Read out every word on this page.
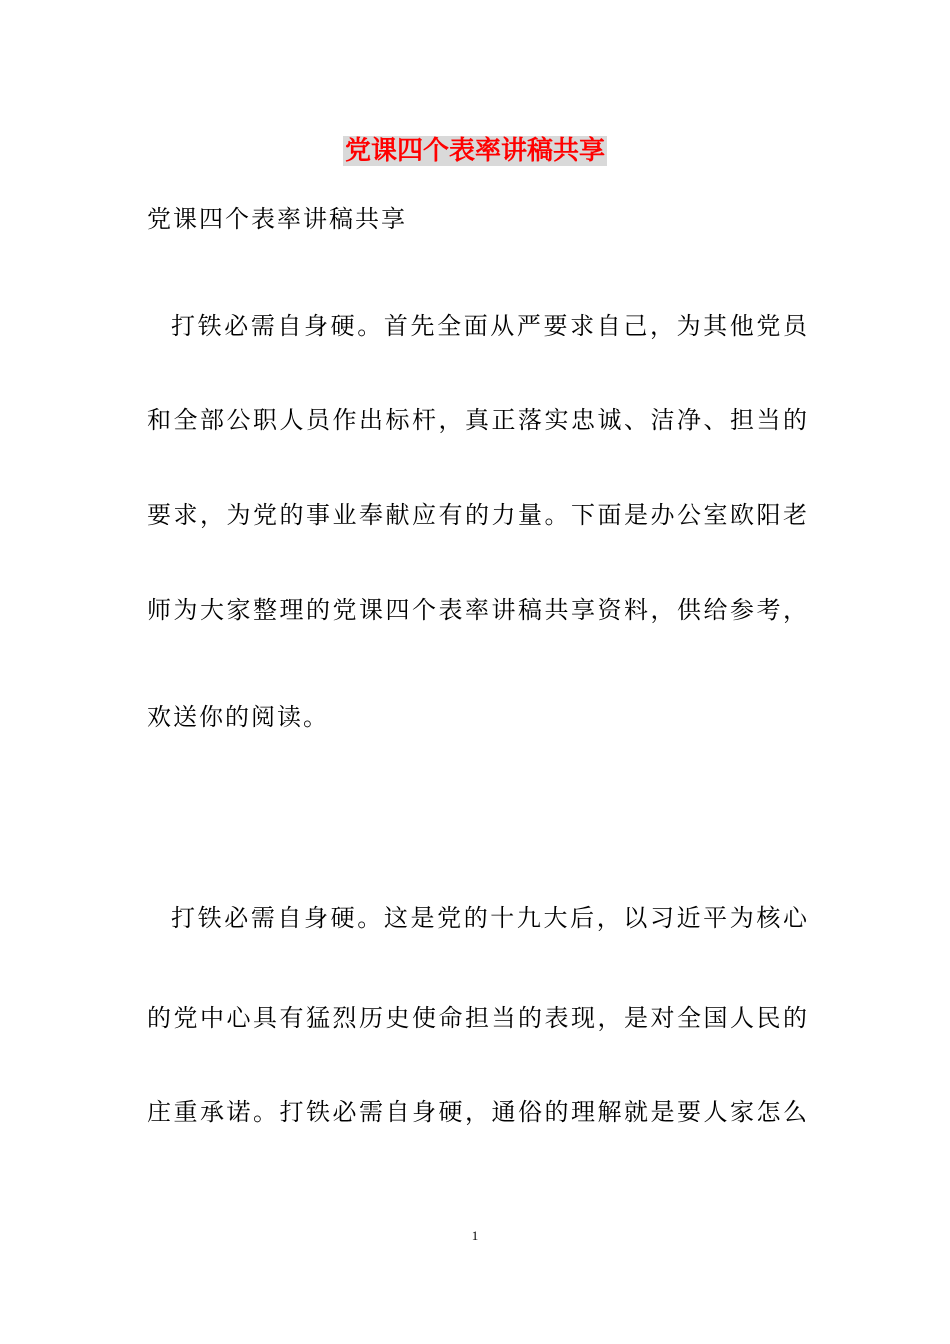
党课四个表率讲稿共享
党课四个表率讲稿共享
打铁必需自身硬。首先全面从严要求自己，为其他党员
和全部公职人员作出标杆，真正落实忠诚、洁净、担当的
要求，为党的事业奉献应有的力量。下面是办公室欧阳老
师为大家整理的党课四个表率讲稿共享资料，供给参考，
欢送你的阅读。
打铁必需自身硬。这是党的十九大后，以习近平为核心
的党中心具有猛烈历史使命担当的表现，是对全国人民的
庄重承诺。打铁必需自身硬，通俗的理解就是要人家怎么
1
